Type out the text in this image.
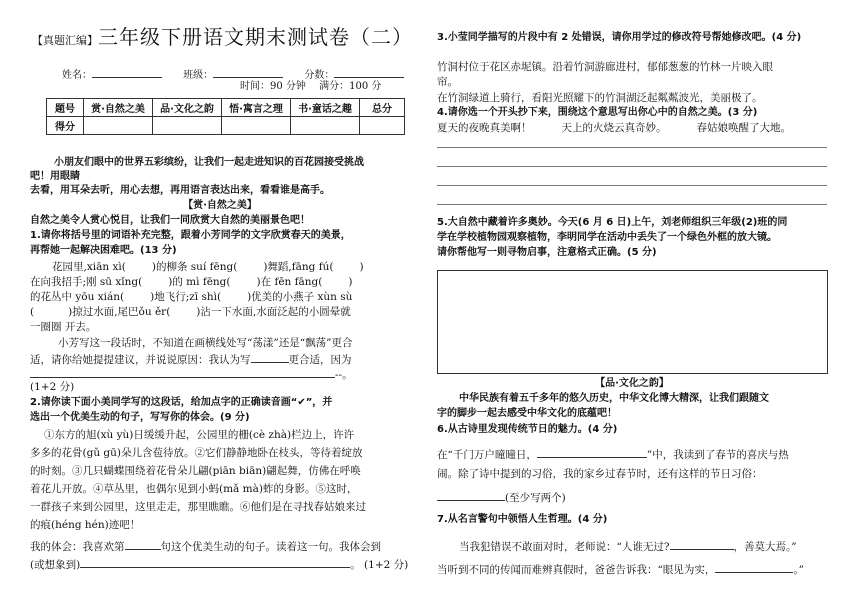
【真题汇编】三年级下册语文期末测试卷（二）
姓名：	班级：	分数：
时间：90 分钟 满分：100 分
题号	赏·自然之美	品·文化之韵	悟·寓言之理	书·童话之趣	总分
得分					
小朋友们眼中的世界五彩缤纷，让我们一起走进知识的百花园接受挑战
吧！用眼睛
去看，用耳朵去听，用心去想，再用语言表达出来，看看谁是高手。
【赏·自然之美】
自然之美令人赏心悦目，让我们一同欣赏大自然的美丽景色吧！
1.请你将括号里的词语补充完整，跟着小芳同学的文字欣赏春天的美景，
再帮她一起解决困难吧。(13 分)
花园里,xiān xì( )的柳条 suí fēng( )舞蹈,fāng fú( )
在向我招手;刚 sū xǐng( )的 mì fēng( )在 fēn fāng( )
的花丛中 yōu xián( )地飞行;zī shì( )优美的小燕子 xùn sù
(	)掠过水面,尾巴ǒu ěr( )沾一下水面,水面泛起的小圆晕就
一圈圈 开去。
小芳写这一段话时，不知道在画横线处写“荡漾”还是“飘荡”更合
适，请你给她提提建议，并说说原因：我认为写	更合适，因为
--。
(1+2 分)
2.请你读下面小美同学写的这段话，给加点字的正确读音画“✔”，并
选出一个优美生动的句子，写写你的体会。(9 分)
①东方的旭(xù yù)日缓缓升起，公园里的栅(cè zhà)栏边上，许许
多多的花骨(gǔ gū)朵儿含苞待放。②它们静静地卧在枝头，等待着绽放
的时刻。③几只蝴蝶围绕着花骨朵儿翩(piān biān)翩起舞，仿佛在呼唤
着花儿开放。④草丛里，也偶尔见到小蚂(mǎ mà)蚱的身影。⑤这时，
一群孩子来到公园里，这里走走，那里瞧瞧。⑥他们是在寻找春姑娘来过
的痕(héng hén)迹吧！
我的体会：我喜欢第	句这个优美生动的句子。读着这一句。我体会到
(或想象到)	。 (1+2 分)
3.小莹同学描写的片段中有 2 处错误，请你用学过的修改符号帮她修改吧。(4 分)
竹洞村位于花区赤坭镇。沿着竹洞游廊进村，郁郁葱葱的竹林一片映入眼
帘。
在竹洞绿道上骑行，看阳光照耀下的竹洞湖泛起粼粼波光，美丽极了。
4.请你选一个开头抄下来，围绕这个意思写出你心中的自然之美。(3 分)
夏天的夜晚真美啊！	天上的火烧云真奇妙。	春姑娘唤醒了大地。
5.大自然中藏着许多奥妙。今天(6 月 6 日)上午，刘老师组织三年级(2)班的同
学在学校植物园观察植物，李明同学在活动中丢失了一个绿色外框的放大镜。
请你帮他写一则寻物启事，注意格式正确。(5 分)
【品·文化之韵】
中华民族有着五千多年的悠久历史，中华文化博大精深，让我们跟随文
字的脚步一起去感受中华文化的底蕴吧！
6.从古诗里发现传统节日的魅力。(4 分)
在“千门万户曈曈日，	”中，我读到了春节的喜庆与热
闹。除了诗中提到的习俗，我的家乡过春节时，还有这样的节日习俗：
(至少写两个)
7.从名言警句中领悟人生哲理。(4 分)
当我犯错误不敢面对时，老师说：“人谁无过?	，善莫大焉。”
当听到不同的传闻而难辨真假时，爸爸告诉我：“眼见为实，	。”
